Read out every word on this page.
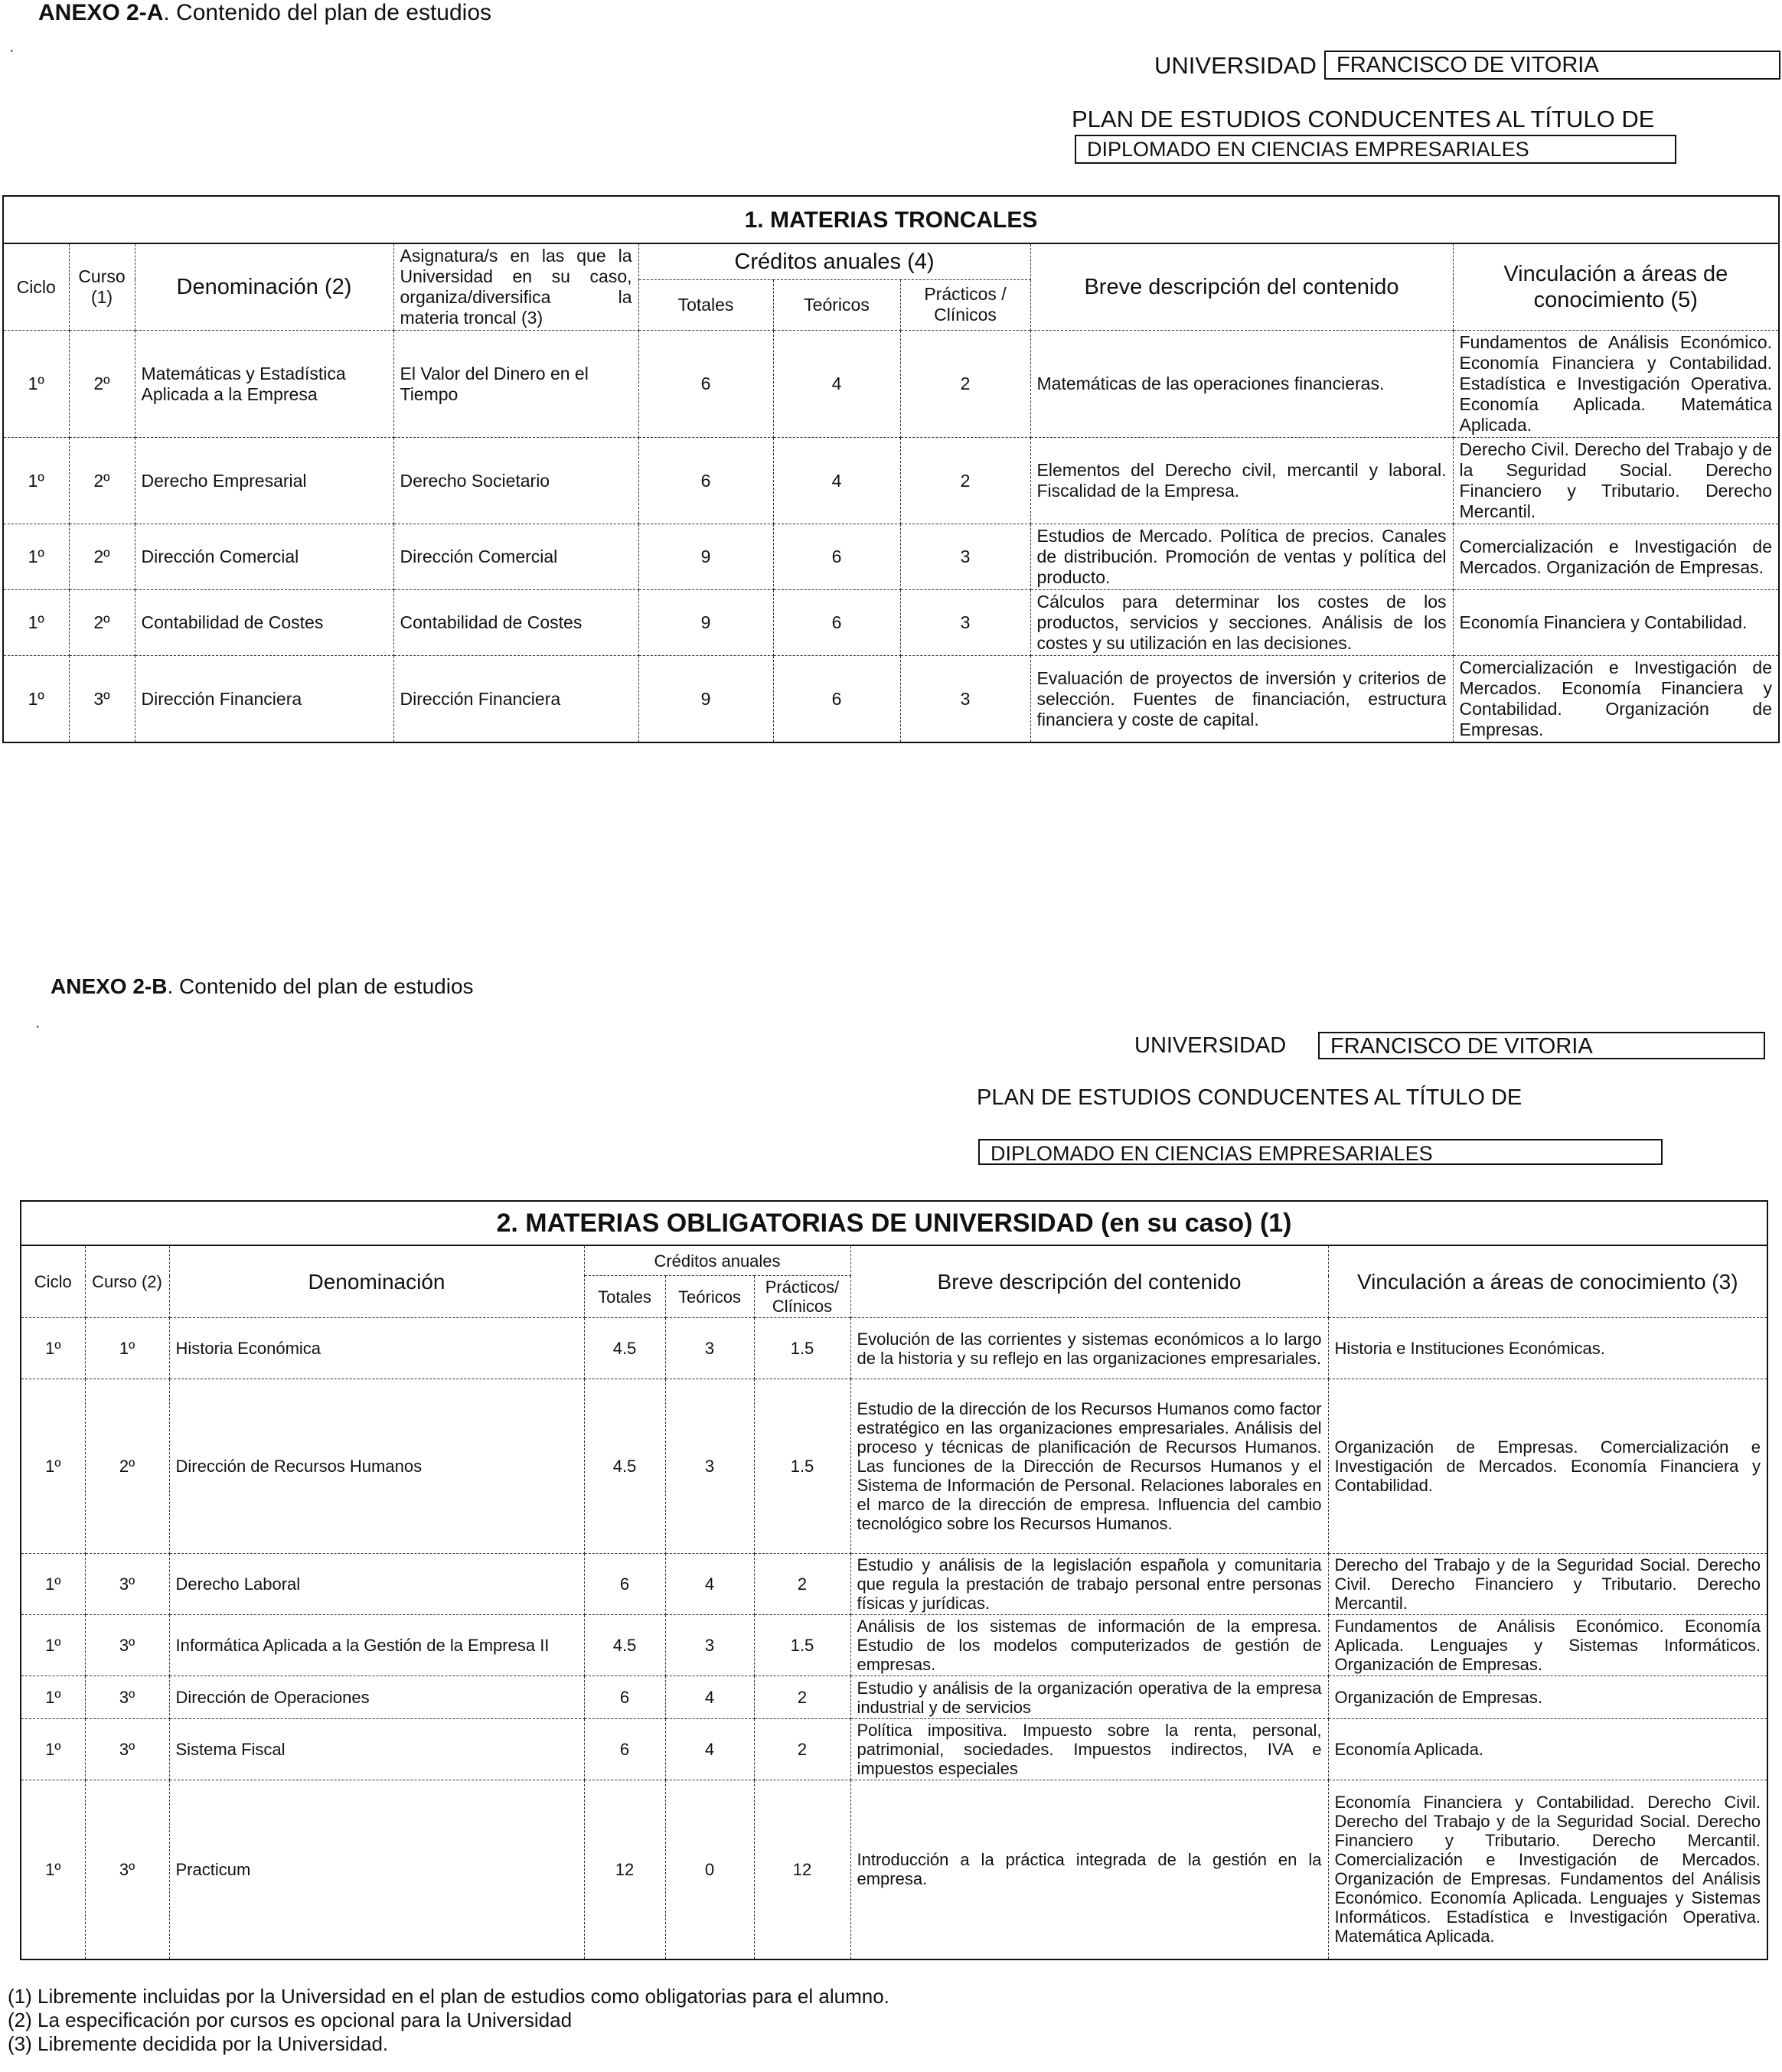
ANEXO 2-A. Contenido del plan de estudios
·
UNIVERSIDAD FRANCISCO DE VITORIA
PLAN DE ESTUDIOS CONDUCENTES AL TÍTULO DE
DIPLOMADO EN CIENCIAS EMPRESARIALES
1. MATERIAS TRONCALES								
Ciclo	Curso (1)	Denominación (2)	Asignatura/s en las que la Universidad en su caso, organiza/diversifica la materia troncal (3)	Créditos anuales (4)			Breve descripción del contenido	Vinculación a áreas de conocimiento (5)
				Totales	Teóricos	Prácticos / Clínicos		
1º	2º	Matemáticas y Estadística Aplicada a la Empresa	El Valor del Dinero en el Tiempo	6	4	2	Matemáticas de las operaciones financieras.	Fundamentos de Análisis Económico. Economía Financiera y Contabilidad. Estadística e Investigación Operativa. Economía Aplicada. Matemática Aplicada.
1º	2º	Derecho Empresarial	Derecho Societario	6	4	2	Elementos del Derecho civil, mercantil y laboral. Fiscalidad de la Empresa.	Derecho Civil. Derecho del Trabajo y de la Seguridad Social. Derecho Financiero y Tributario. Derecho Mercantil.
1º	2º	Dirección Comercial	Dirección Comercial	9	6	3	Estudios de Mercado. Política de precios. Canales de distribución. Promoción de ventas y política del producto.	Comercialización e Investigación de Mercados. Organización de Empresas.
1º	2º	Contabilidad de Costes	Contabilidad de Costes	9	6	3	Cálculos para determinar los costes de los productos, servicios y secciones. Análisis de los costes y su utilización en las decisiones.	Economía Financiera y Contabilidad.
1º	3º	Dirección Financiera	Dirección Financiera	9	6	3	Evaluación de proyectos de inversión y criterios de selección. Fuentes de financiación, estructura financiera y coste de capital.	Comercialización e Investigación de Mercados. Economía Financiera y Contabilidad. Organización de Empresas.
ANEXO 2-B. Contenido del plan de estudios
·
UNIVERSIDAD	FRANCISCO DE VITORIA
PLAN DE ESTUDIOS CONDUCENTES AL TÍTULO DE
DIPLOMADO EN CIENCIAS EMPRESARIALES
2. MATERIAS OBLIGATORIAS DE UNIVERSIDAD (en su caso) (1)							
Ciclo	Curso (2)	Denominación	Créditos anuales			Breve descripción del contenido	Vinculación a áreas de conocimiento (3)
			Totales	Teóricos	Prácticos/ Clínicos		
1º	1º	Historia Económica	4.5	3	1.5	Evolución de las corrientes y sistemas económicos a lo largo de la historia y su reflejo en las organizaciones empresariales.	Historia e Instituciones Económicas.
1º	2º	Dirección de Recursos Humanos	4.5	3	1.5	Estudio de la dirección de los Recursos Humanos como factor estratégico en las organizaciones empresariales. Análisis del proceso y técnicas de planificación de Recursos Humanos. Las funciones de la Dirección de Recursos Humanos y el Sistema de Información de Personal. Relaciones laborales en el marco de la dirección de empresa. Influencia del cambio tecnológico sobre los Recursos Humanos.	Organización de Empresas. Comercialización e Investigación de Mercados. Economía Financiera y Contabilidad.
1º	3º	Derecho Laboral	6	4	2	Estudio y análisis de la legislación española y comunitaria que regula la prestación de trabajo personal entre personas físicas y jurídicas.	Derecho del Trabajo y de la Seguridad Social. Derecho Civil. Derecho Financiero y Tributario. Derecho Mercantil.
1º	3º	Informática Aplicada a la Gestión de la Empresa II	4.5	3	1.5	Análisis de los sistemas de información de la empresa. Estudio de los modelos computerizados de gestión de empresas.	Fundamentos de Análisis Económico. Economía Aplicada. Lenguajes y Sistemas Informáticos. Organización de Empresas.
1º	3º	Dirección de Operaciones	6	4	2	Estudio y análisis de la organización operativa de la empresa industrial y de servicios	Organización de Empresas.
1º	3º	Sistema Fiscal	6	4	2	Política impositiva. Impuesto sobre la renta, personal, patrimonial, sociedades. Impuestos indirectos, IVA e impuestos especiales	Economía Aplicada.
1º	3º	Practicum	12	0	12	Introducción a la práctica integrada de la gestión en la empresa.	Economía Financiera y Contabilidad. Derecho Civil. Derecho del Trabajo y de la Seguridad Social. Derecho Financiero y Tributario. Derecho Mercantil. Comercialización e Investigación de Mercados. Organización de Empresas. Fundamentos del Análisis Económico. Economía Aplicada. Lenguajes y Sistemas Informáticos. Estadística e Investigación Operativa. Matemática Aplicada.
(1) Libremente incluidas por la Universidad en el plan de estudios como obligatorias para el alumno.
(2) La especificación por cursos es opcional para la Universidad
(3) Libremente decidida por la Universidad.
